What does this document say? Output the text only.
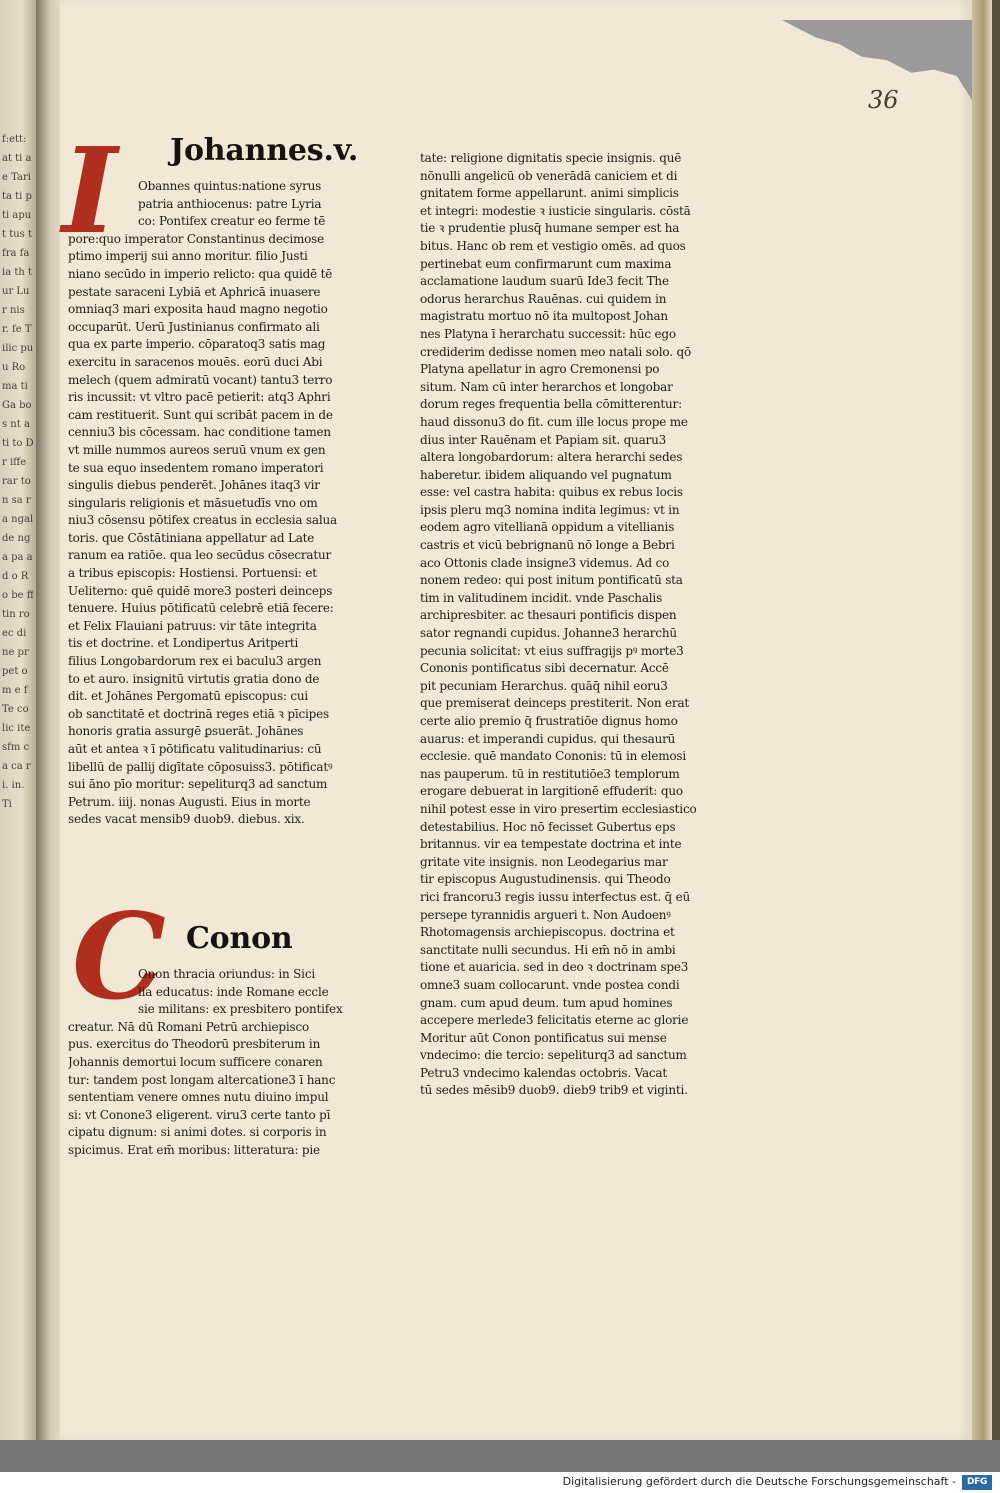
f:ett: at ti a e Tari ta ti pti aput tus t fra fa ia th tur Lur nis r. fe Tilic pu u Ro ma ti Ga bos nt a ti to Dr iffe rar ton sa ra ngal de ng a pa ad o Ro be ff tin ro ec di ne pr pet o m e f Te co lic ite sfm ca ca ri. in. Ti

36

I	Johannes.v.
Obannes quintus:natione syrus
patria anthiocenus: patre Lyria
co: Pontifex creatur eo ferme tē
pore:quo imperator Constantinus decimose
ptimo imperij sui anno moritur. filio Justi
niano secūdo in imperio relicto: qua quidē tē
pestate saraceni Lybiā et Aphricā inuasere
omniaq3 mari exposita haud magno negotio
occuparūt. Uerū Justinianus confirmato ali
qua ex parte imperio. cōparatoq3 satis mag
exercitu in saracenos mouēs. eorū duci Abi
melech (quem admiratū vocant) tantu3 terro
ris incussit: vt vltro pacē petierit: atq3 Aphri
cam restituerit. Sunt qui scribāt pacem in de
cenniu3 bis cōcessam. hac conditione tamen
vt mille nummos aureos seruū vnum ex gen
te sua equo insedentem romano imperatori
singulis diebus penderēt. Johānes itaq3 vir
singularis religionis et māsuetudīs vno om
niu3 cōsensu pōtifex creatus in ecclesia salua
toris. que Cōstātiniana appellatur ad Late
ranum ea ratiōe. qua leo secūdus cōsecratur
a tribus episcopis: Hostiensi. Portuensi: et
Ueliterno: quē quidē more3 posteri deinceps
tenuere. Huius pōtificatū celebrē etiā fecere:
et Felix Flauiani patruus: vir tāte integrita
tis et doctrine. et Londipertus Aritperti
filius Longobardorum rex ei baculu3 argen
to et auro. insignitū virtutis gratia dono de
dit. et Johānes Pergomatū episcopus: cui
ob sanctitatē et doctrinā reges etiā ꝛ pīcipes
honoris gratia assurgē ꝑsuerāt. Johānes
aūt et antea ꝛ ī pōtificatu valitudinarius: cū
libellū de pallij digītate cōposuiss3. pōtificatꝰ
sui āno pīo moritur: sepeliturq3 ad sanctum
Petrum. iiij. nonas Augusti. Eius in morte
sedes vacat mensib9 duob9. diebus. xix.
C Conon
Onon thracia oriundus: in Sici
lia educatus: inde Romane eccle
sie militans: ex presbitero pontifex
creatur. Nā dū Romani Petrū archiepisco
pus. exercitus do Theodorū presbiterum in
Johannis demortui locum sufficere conaren
tur: tandem post longam altercatione3 ī hanc
sententiam venere omnes nutu diuino impul
si: vt Conone3 eligerent. viru3 certe tanto pī
cipatu dignum: si animi dotes. si corporis in
spicimus. Erat em̄ moribus: litteratura: pie
tate: religione dignitatis specie insignis. quē
nōnulli angelicū ob venerādā caniciem et di
gnitatem forme appellarunt. animi simplicis
et integri: modestie ꝛ iusticie singularis. cōstā
tie ꝛ prudentie plusq̄ humane semper est ha
bitus. Hanc ob rem et vestigio omēs. ad quos
pertinebat eum confirmarunt cum maxima
acclamatione laudum suarū Ide3 fecit The
odorus herarchus Rauēnas. cui quidem in
magistratu mortuo nō ita multopost Johan
nes Platyna ī herarchatu successit: hūc ego
crediderim dedisse nomen meo natali solo. qō
Platyna apellatur in agro Cremonensi po
situm. Nam cū inter herarchos et longobar
dorum reges frequentia bella cōmitterentur:
haud dissonu3 do fit. cum ille locus prope me
dius inter Rauēnam et Papiam sit. quaru3
altera longobardorum: altera herarchi sedes
haberetur. ibidem aliquando vel pugnatum
esse: vel castra habita: quibus ex rebus locis
ipsis pleru mq3 nomina indita legimus: vt in
eodem agro vitellianā oppidum a vitellianis
castris et vicū bebrignanū nō longe a Bebri
aco Ottonis clade insigne3 videmus. Ad co
nonem redeo: qui post initum pontificatū sta
tim in valitudinem incidit. vnde Paschalis
archipresbiter. ac thesauri pontificis dispen
sator regnandi cupidus. Johanne3 herarchū
pecunia solicitat: vt eius suffragijs pꝰ morte3
Cononis pontificatus sibi decernatur. Accē
pit pecuniam Herarchus. quāq̄ nihil eoru3
que premiserat deinceps prestiterit. Non erat
certe alio premio q̄ frustratiōe dignus homo
auarus: et imperandi cupidus. qui thesaurū
ecclesie. quē mandato Cononis: tū in elemosi
nas pauperum. tū in restitutiōe3 templorum
erogare debuerat in largitionē effuderit: quo
nihil potest esse in viro presertim ecclesiastico
detestabilius. Hoc nō fecisset Gubertus eps
britannus. vir ea tempestate doctrina et inte
gritate vite insignis. non Leodegarius mar
tir episcopus Augustudinensis. qui Theodo
rici francoru3 regis iussu interfectus est. q̄ eū
persepe tyrannidis argueri t. Non Audoenꝰ
Rhotomagensis archiepiscopus. doctrina et
sanctitate nulli secundus. Hi em̄ nō in ambi
tione et auaricia. sed in deo ꝛ doctrinam spe3
omne3 suam collocarunt. vnde postea condi
gnam. cum apud deum. tum apud homines
accepere merlede3 felicitatis eterne ac glorie
Moritur aūt Conon pontificatus sui mense
vndecimo: die tercio: sepeliturq3 ad sanctum
Petru3 vndecimo kalendas octobris. Vacat
tū sedes mēsib9 duob9. dieb9 trib9 et viginti.
Digitalisierung gefördert durch die Deutsche Forschungsgemeinschaft -	DFG
